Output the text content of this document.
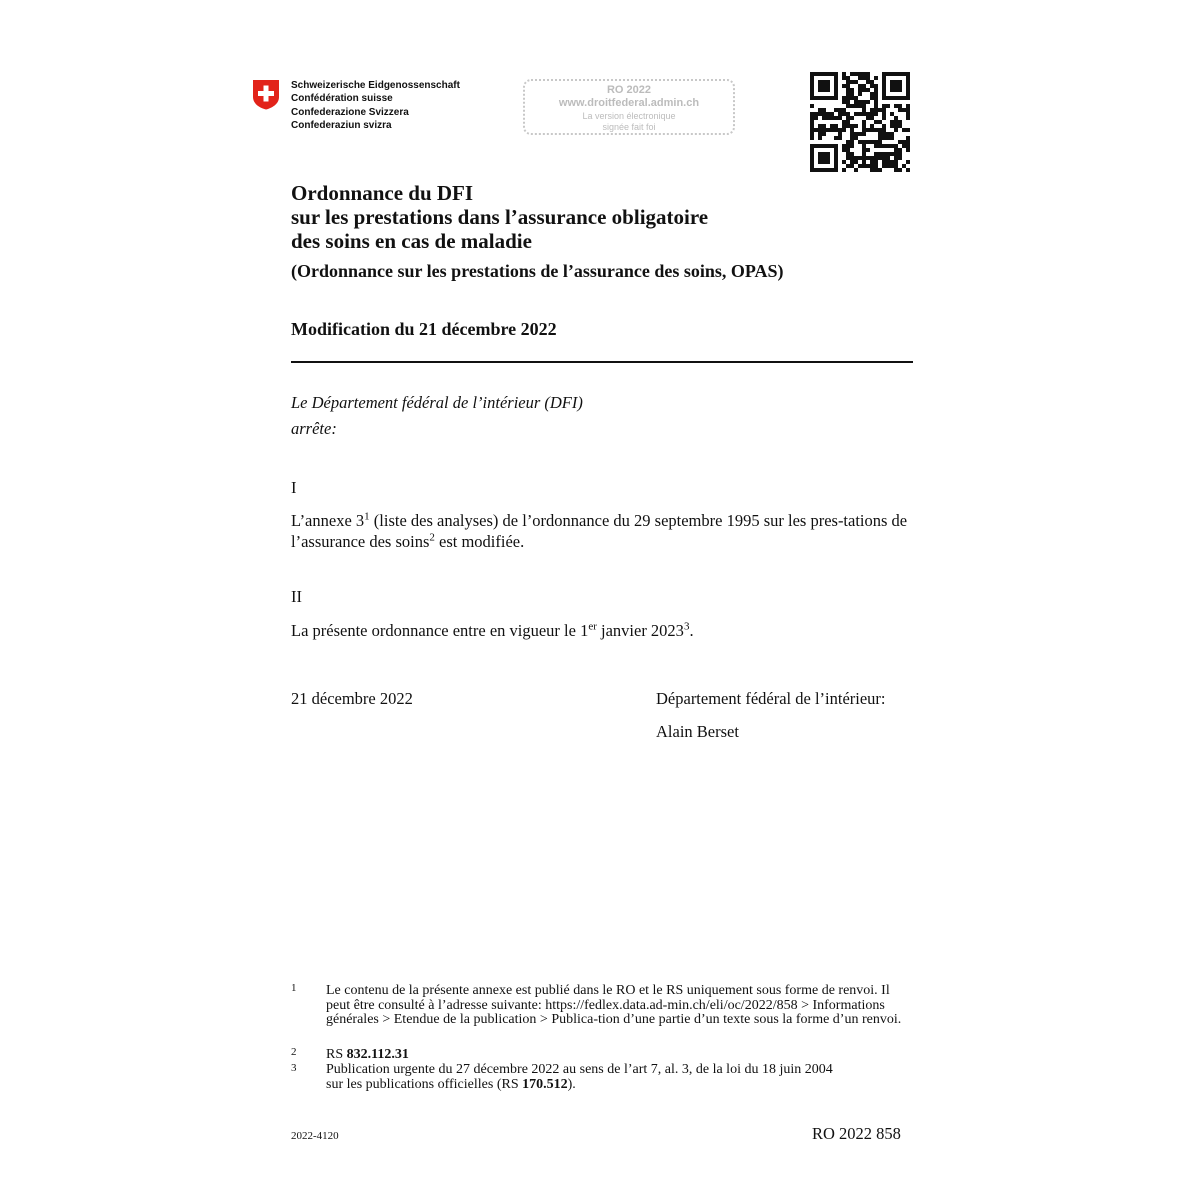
Schweizerische Eidgenossenschaft
Confédération suisse
Confederazione Svizzera
Confederaziun svizra
RO 2022
www.droitfederal.admin.ch
La version électronique
signée fait foi
Ordonnance du DFI
sur les prestations dans l’assurance obligatoire
des soins en cas de maladie
(Ordonnance sur les prestations de l’assurance des soins, OPAS)
Modification du 21 décembre 2022
Le Département fédéral de l’intérieur (DFI)
arrête:
I
L’annexe $3^1$ (liste des analyses) de l’ordonnance du 29 septembre 1995 sur les pres-tations de l’assurance des soins$^2$ est modifiée.
II
La présente ordonnance entre en vigueur le 1er janvier 2023$^3$.
21 décembre 2022	Département fédéral de l’intérieur:
Alain Berset
1 Le contenu de la présente annexe est publié dans le RO et le RS uniquement sous forme de renvoi. Il peut être consulté à l’adresse suivante: https://fedlex.data.ad-min.ch/eli/oc/2022/858 > Informations générales > Etendue de la publication > Publica-tion d’une partie d’un texte sous la forme d’un renvoi.
2 RS 832.112.31
3 Publication urgente du 27 décembre 2022 au sens de l’art 7, al. 3, de la loi du 18 juin 2004 sur les publications officielles (RS 170.512).
2022-4120	RO 2022 858
